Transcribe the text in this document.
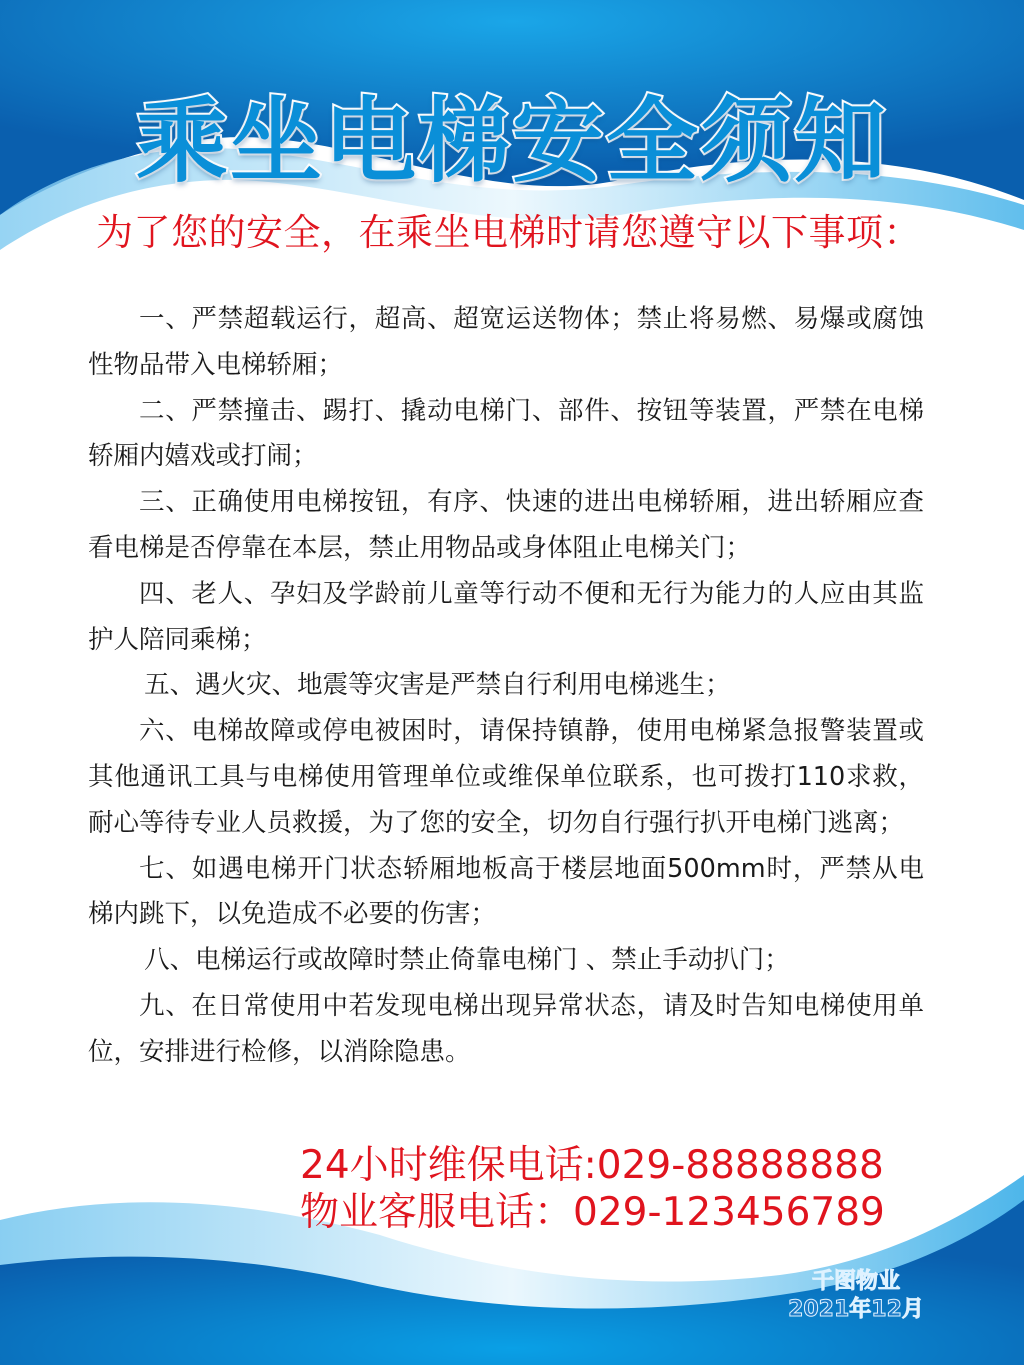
乘坐电梯安全须知
为了您的安全，在乘坐电梯时请您遵守以下事项：

一、严禁超载运行，超高、超宽运送物体；禁止将易燃、易爆或腐蚀性物品带入电梯轿厢；

二、严禁撞击、踢打、撬动电梯门、部件、按钮等装置，严禁在电梯轿厢内嬉戏或打闹；

三、正确使用电梯按钮，有序、快速的进出电梯轿厢，进出轿厢应查看电梯是否停靠在本层，禁止用物品或身体阻止电梯关门；

四、老人、孕妇及学龄前儿童等行动不便和无行为能力的人应由其监护人陪同乘梯；

五、遇火灾、地震等灾害是严禁自行利用电梯逃生；

六、电梯故障或停电被困时，请保持镇静，使用电梯紧急报警装置或其他通讯工具与电梯使用管理单位或维保单位联系，也可拨打110求救，耐心等待专业人员救援，为了您的安全，切勿自行强行扒开电梯门逃离；

七、如遇电梯开门状态轿厢地板高于楼层地面500mm时，严禁从电梯内跳下，以免造成不必要的伤害；

八、电梯运行或故障时禁止倚靠电梯门 、禁止手动扒门；

九、在日常使用中若发现电梯出现异常状态，请及时告知电梯使用单位，安排进行检修，以消除隐患。

24小时维保电话:029-88888888
物业客服电话：029-123456789
千图物业
2021年12月
